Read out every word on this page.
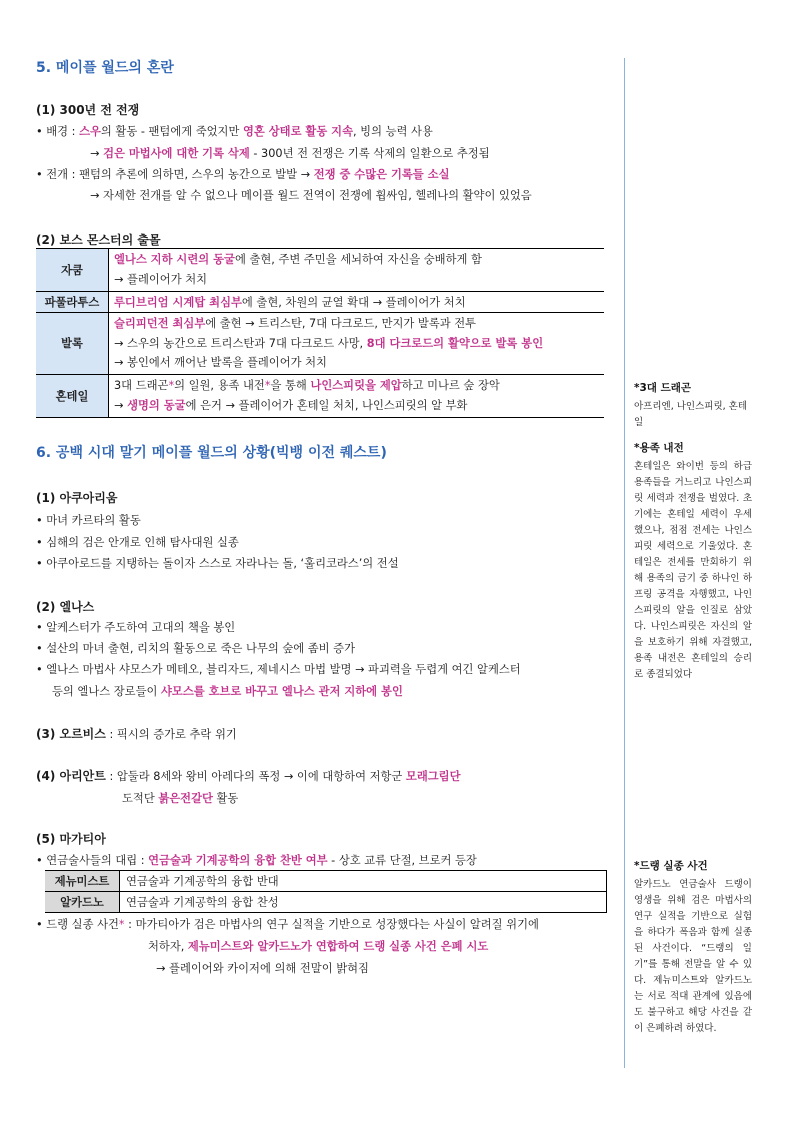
5. 메이플 월드의 혼란
(1) 300년 전 전쟁
• 배경 : 스우의 활동 - 팬텀에게 죽었지만 영혼 상태로 활동 지속, 빙의 능력 사용
→ 검은 마법사에 대한 기록 삭제 - 300년 전 전쟁은 기록 삭제의 일환으로 추정됨
• 전개 : 팬텀의 추론에 의하면, 스우의 농간으로 발발 → 전쟁 중 수많은 기록들 소실
→ 자세한 전개를 알 수 없으나 메이플 월드 전역이 전쟁에 휩싸임, 헬레나의 활약이 있었음
(2) 보스 몬스터의 출몰
자쿰	엘나스 지하 시련의 동굴에 출현, 주변 주민을 세뇌하여 자신을 숭배하게 함
→ 플레이어가 처치

파풀라투스	루디브리엄 시계탑 최심부에 출현, 차원의 균열 확대 → 플레이어가 처치
발록	슬리피던전 최심부에 출현 → 트리스탄, 7대 다크로드, 만지가 발록과 전투
→ 스우의 농간으로 트리스탄과 7대 다크로드 사망, 8대 다크로드의 활약으로 발록 봉인
→ 봉인에서 깨어난 발록을 플레이어가 처치

혼테일	3대 드래곤*의 일원, 용족 내전*을 통해 나인스피릿을 제압하고 미나르 숲 장악
→ 생명의 동굴에 은거 → 플레이어가 혼테일 처치, 나인스피릿의 알 부화
6. 공백 시대 말기 메이플 월드의 상황(빅뱅 이전 퀘스트)
(1) 아쿠아리움
• 마녀 카르타의 활동
• 심해의 검은 안개로 인해 탐사대원 실종
• 아쿠아로드를 지탱하는 돌이자 스스로 자라나는 돌, ‘훌리코라스’의 전설
(2) 엘나스
• 알케스터가 주도하여 고대의 책을 봉인
• 설산의 마녀 출현, 리치의 활동으로 죽은 나무의 숲에 좀비 증가
• 엘나스 마법사 샤모스가 메테오, 블리자드, 제네시스 마법 발명 → 파괴력을 두렵게 여긴 알케스터
등의 엘나스 장로들이 샤모스를 호브로 바꾸고 엘나스 관저 지하에 봉인
(3) 오르비스 : 픽시의 증가로 추락 위기
(4) 아리안트 : 압둘라 8세와 왕비 아레다의 폭정 → 이에 대항하여 저항군 모래그림단
도적단 붉은전갈단 활동
(5) 마가티아
• 연금술사들의 대립 : 연금술과 기계공학의 융합 찬반 여부 - 상호 교류 단절, 브로커 등장
제뉴미스트	연금술과 기계공학의 융합 반대
알카드노	연금술과 기계공학의 융합 찬성
• 드랭 실종 사건* : 마가티아가 검은 마법사의 연구 실적을 기반으로 성장했다는 사실이 알려질 위기에
처하자, 제뉴미스트와 알카드노가 연합하여 드랭 실종 사건 은폐 시도
→ 플레이어와 카이저에 의해 전말이 밝혀짐
*3대 드래곤
아프리엔, 나인스피릿, 혼테일
*용족 내전
혼테일은 와이번 등의 하급 용족들을 거느리고 나인스피릿 세력과 전쟁을 벌였다. 초기에는 혼테일 세력이 우세했으나, 점점 전세는 나인스피릿 세력으로 기울었다. 혼테일은 전세를 만회하기 위해 용족의 금기 중 하나인 하프링 공격을 자행했고, 나인스피릿의 알을 인질로 삼았다. 나인스피릿은 자신의 알을 보호하기 위해 자결했고, 용족 내전은 혼테일의 승리로 종결되었다
*드랭 실종 사건
알카드노 연금술사 드랭이 영생을 위해 검은 마법사의 연구 실적을 기반으로 실험을 하다가 폭음과 함께 실종된 사건이다. “드랭의 일기”를 통해 전말을 알 수 있다. 제뉴미스트와 알카드노는 서로 적대 관계에 있음에도 불구하고 해당 사건을 같이 은폐하려 하였다.
